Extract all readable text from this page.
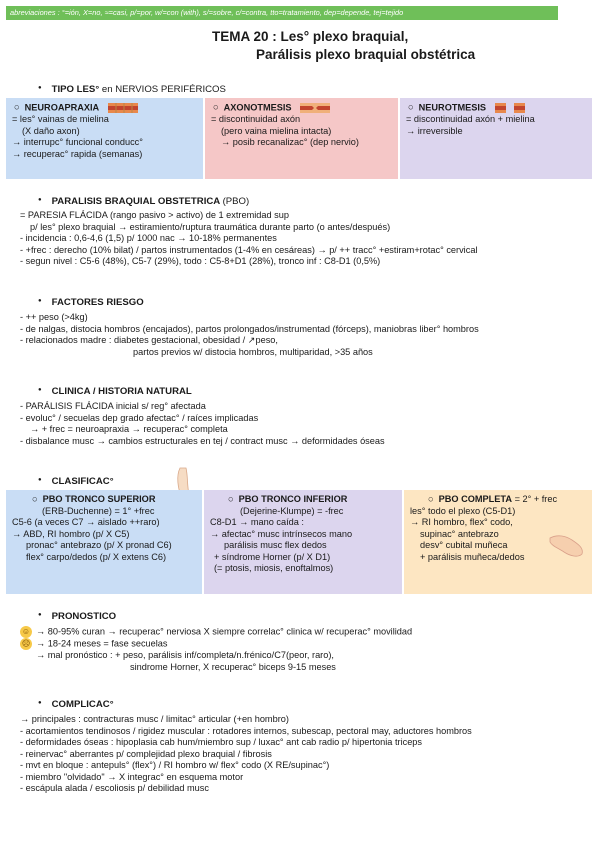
abreviaciones : °=ión, X=no, ≈=casi, p/=por, w/=con (with), s/=sobre, c/=contra, tto=tratamiento, dep=depende, tej=tejido
TEMA 20 : Les° plexo braquial,
Parálisis plexo braquial obstétrica
● TIPO LES° en NERVIOS PERIFÉRICOS
○  NEUROAPRAXIA
= les° vainas de mielina
(X daño axon)
→ interrupc° funcional conducc°
→ recuperac° rapida (semanas)
○  AXONOTMESIS
= discontinuidad axón
(pero vaina mielina intacta)
→ posib recanalizac° (dep nervio)
○  NEUROTMESIS
= discontinuidad axón + mielina
→ irreversible
● PARALISIS BRAQUIAL OBSTETRICA (PBO)
= PARESIA FLÁCIDA (rango pasivo > activo) de 1 extremidad sup
p/ les° plexo braquial → estiramiento/ruptura traumática durante parto (o antes/después)
- incidencia : 0,6-4,6 (1,5) p/ 1000 nac → 10-18% permanentes
- +frec : derecho (10% bilat) / partos instrumentados (1-4% en cesáreas) → p/ ++ tracc° +estiram+rotac° cervical
- segun nivel : C5-6 (48%), C5-7 (29%), todo : C5-8+D1 (28%), tronco inf : C8-D1 (0,5%)
● FACTORES RIESGO
- ++ peso (>4kg)
- de nalgas, distocia hombros (encajados), partos prolongados/instrumentad (fórceps), maniobras liber° hombros
- relacionados madre : diabetes gestacional, obesidad / ↗peso,
partos previos w/ distocia hombros, multiparidad, >35 años
● CLINICA / HISTORIA NATURAL
- PARÁLISIS FLÁCIDA inicial s/ reg° afectada
- evoluc° / secuelas dep grado afectac° / raíces implicadas
→ + frec = neuroapraxia → recuperac° completa
- disbalance musc → cambios estructurales en tej / contract musc → deformidades óseas
● CLASIFICAC°
○  PBO TRONCO SUPERIOR
(ERB-Duchenne) = 1° +frec
C5-6 (a veces C7 → aislado ++raro)
→ ABD, RI hombro (p/ X C5)
pronac° antebrazo (p/ X pronad C6)
flex° carpo/dedos (p/ X extens C6)
○  PBO TRONCO INFERIOR
(Dejerine-Klumpe) = -frec
C8-D1 → mano caída :
→ afectac° musc intrínsecos mano
parálisis musc flex dedos
+ síndrome Horner (p/ X D1)
(= ptosis, miosis, enoftalmos)
○  PBO COMPLETA = 2° + frec
les° todo el plexo (C5-D1)
→ RI hombro, flex° codo,
supinac° antebrazo
desv° cubital muñeca
+ parálisis muñeca/dedos
● PRONOSTICO
☺ → 80-95% curan → recuperac° nerviosa X siempre correlac° clinica w/ recuperac° movilidad
☹ → 18-24 meses = fase secuelas
→ mal pronóstico : + peso, parálisis inf/completa/n.frénico/C7(peor, raro),
sindrome Horner, X recuperac° biceps 9-15 meses
● COMPLICAC°
→ principales : contracturas musc / limitac° articular (+en hombro)
- acortamientos tendinosos / rigidez muscular : rotadores internos, subescap, pectoral may, aductores hombros
- deformidades óseas : hipoplasia cab hum/miembro sup / luxac° ant cab radio p/ hipertonia triceps
- reinervac° aberrantes p/ complejidad plexo braquial / fibrosis
- mvt en bloque : antepuls° (flex°) / RI hombro w/ flex° codo (X RE/supinac°)
- miembro "olvidado" → X integrac° en esquema motor
- escápula alada / escoliosis p/ debilidad musc
